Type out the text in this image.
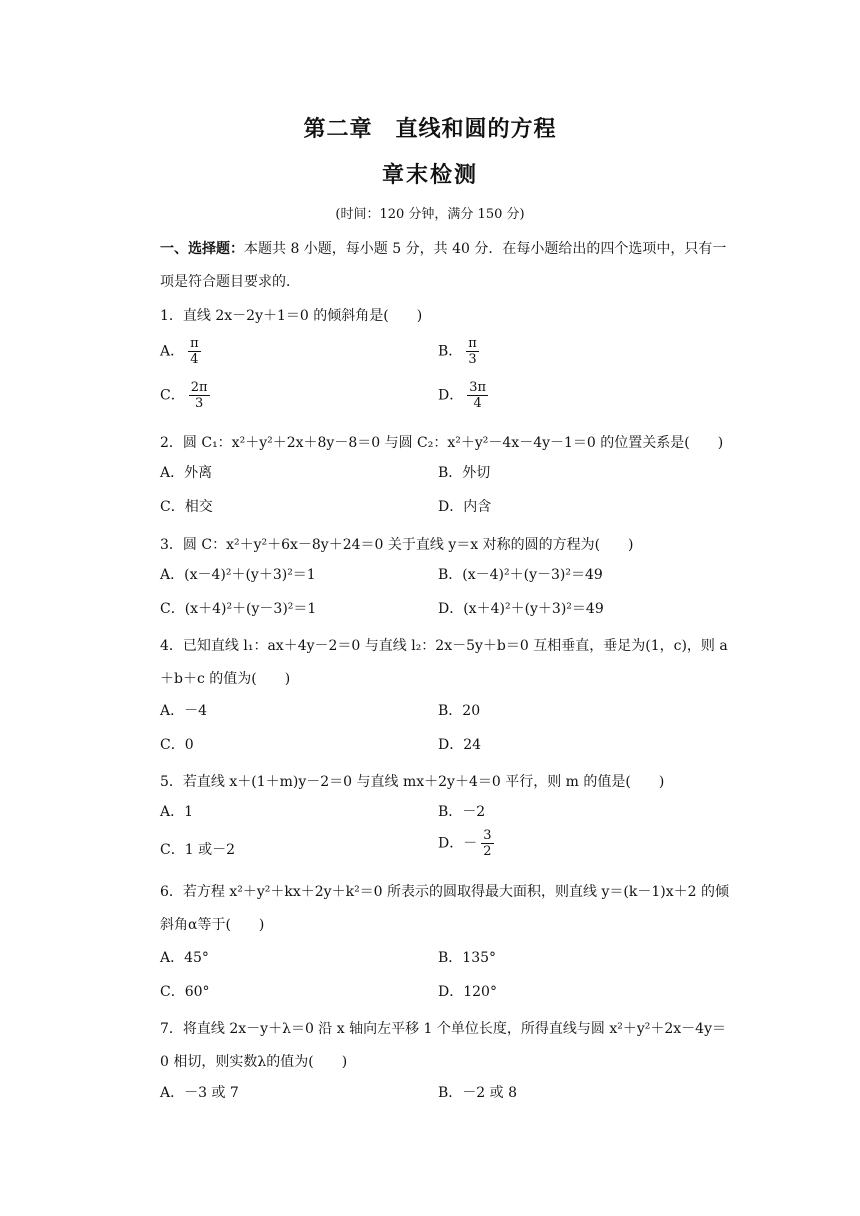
第二章　直线和圆的方程
章末检测
(时间：120 分钟，满分 150 分)
一、选择题：本题共 8 小题，每小题 5 分，共 40 分．在每小题给出的四个选项中，只有一项是符合题目要求的．
1．直线 2x－2y＋1＝0 的倾斜角是(　　)
A． $\frac{\pi}{4}$	B． $\frac{\pi}{3}$
C． $\frac{2\pi}{3}$	D． $\frac{3\pi}{4}$
2．圆 C₁：x²＋y²＋2x＋8y－8＝0 与圆 C₂：x²＋y²－4x－4y－1＝0 的位置关系是(　　)
A．外离	B．外切
C．相交	D．内含
3．圆 C：x²＋y²＋6x－8y＋24＝0 关于直线 y＝x 对称的圆的方程为(　　)
A．(x－4)²＋(y＋3)²＝1	B．(x－4)²＋(y－3)²＝49
C．(x＋4)²＋(y－3)²＝1	D．(x＋4)²＋(y＋3)²＝49
4．已知直线 l₁：ax＋4y－2＝0 与直线 l₂：2x－5y＋b＝0 互相垂直，垂足为(1，c)，则 a＋b＋c 的值为(　　)
A．－4	B．20
C．0	D．24
5．若直线 x＋(1＋m)y－2＝0 与直线 mx＋2y＋4＝0 平行，则 m 的值是(　　)
A．1	B．－2
C．1 或－2	D．－ $\frac{3}{2}$
6．若方程 x²＋y²＋kx＋2y＋k²＝0 所表示的圆取得最大面积，则直线 y＝(k－1)x＋2 的倾斜角α等于(　　)
A．45°	B．135°
C．60°	D．120°
7．将直线 2x－y＋λ＝0 沿 x 轴向左平移 1 个单位长度，所得直线与圆 x²＋y²＋2x－4y＝0 相切，则实数λ的值为(　　)
A．－3 或 7	B．－2 或 8
